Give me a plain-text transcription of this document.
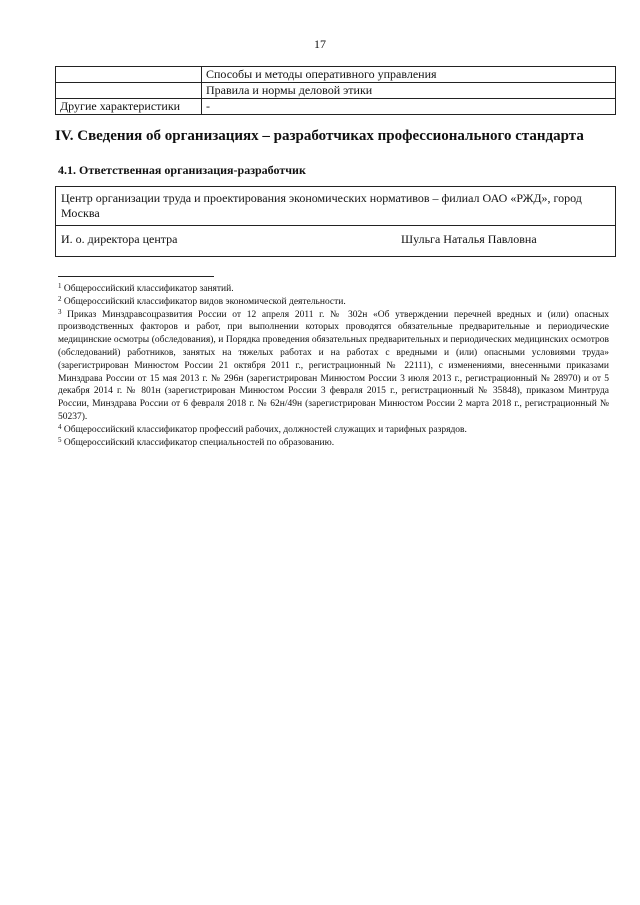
17
	Способы и методы оперативного управления
	Правила и нормы деловой этики
Другие характеристики	-
IV. Сведения об организациях – разработчиках профессионального стандарта
4.1. Ответственная организация-разработчик
Центр организации труда и проектирования экономических нормативов – филиал ОАО «РЖД», город Москва
И. о. директора центра	Шульга Наталья Павловна

$^1$ Общероссийский классификатор занятий.

$^2$ Общероссийский классификатор видов экономической деятельности.

$^3$ Приказ Минздравсоцразвития России от 12 апреля 2011 г. № 302н «Об утверждении перечней вредных и (или) опасных производственных факторов и работ, при выполнении которых проводятся обязательные предварительные и периодические медицинские осмотры (обследования), и Порядка проведения обязательных предварительных и периодических медицинских осмотров (обследований) работников, занятых на тяжелых работах и на работах с вредными и (или) опасными условиями труда» (зарегистрирован Минюстом России 21 октября 2011 г., регистрационный № 22111), с изменениями, внесенными приказами Минздрава России от 15 мая 2013 г. № 296н (зарегистрирован Минюстом России 3 июля 2013 г., регистрационный № 28970) и от 5 декабря 2014 г. № 801н (зарегистрирован Минюстом России 3 февраля 2015 г., регистрационный № 35848), приказом Минтруда России, Минздрава России от 6 февраля 2018 г. № 62н/49н (зарегистрирован Минюстом России 2 марта 2018 г., регистрационный № 50237).

$^4$ Общероссийский классификатор профессий рабочих, должностей служащих и тарифных разрядов.

$^5$ Общероссийский классификатор специальностей по образованию.
